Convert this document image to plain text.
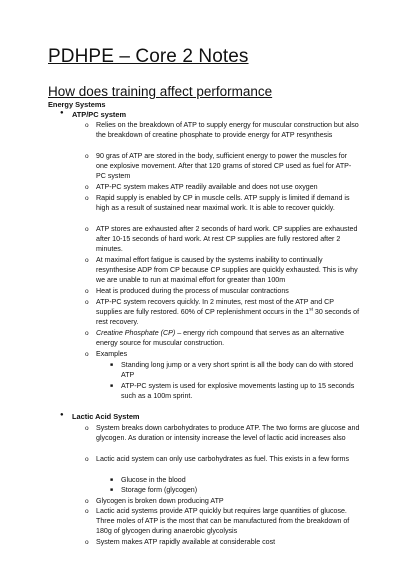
PDHPE – Core 2 Notes
How does training affect performance
Energy Systems
● ATP/PC system
o Relies on the breakdown of ATP to supply energy for muscular construction but also the breakdown of creatine phosphate to provide energy for ATP resynthesis
o 90 gras of ATP are stored in the body, sufficient energy to power the muscles for one explosive movement. After that 120 grams of stored CP used as fuel for ATP-PC system
o ATP-PC system makes ATP readily available and does not use oxygen
o Rapid supply is enabled by CP in muscle cells. ATP supply is limited if demand is high as a result of sustained near maximal work. It is able to recover quickly.
o ATP stores are exhausted after 2 seconds of hard work. CP supplies are exhausted after 10-15 seconds of hard work. At rest CP supplies are fully restored after 2 minutes.
o At maximal effort fatigue is caused by the systems inability to continually resynthesise ADP from CP because CP supplies are quickly exhausted. This is why we are unable to run at maximal effort for greater than 100m
o Heat is produced during the process of muscular contractions
o ATP-PC system recovers quickly. In 2 minutes, rest most of the ATP and CP supplies are fully restored. 60% of CP replenishment occurs in the 1st 30 seconds of rest recovery.
o Creatine Phosphate (CP) – energy rich compound that serves as an alternative energy source for muscular construction.
o Examples
■ Standing long jump or a very short sprint is all the body can do with stored ATP
■ ATP-PC system is used for explosive movements lasting up to 15 seconds such as a 100m sprint.
● Lactic Acid System
o System breaks down carbohydrates to produce ATP. The two forms are glucose and glycogen. As duration or intensity increase the level of lactic acid increases also
o Lactic acid system can only use carbohydrates as fuel. This exists in a few forms
■ Glucose in the blood
■ Storage form (glycogen)
o Glycogen is broken down producing ATP
o Lactic acid systems provide ATP quickly but requires large quantities of glucose. Three moles of ATP is the most that can be manufactured from the breakdown of 180g of glycogen during anaerobic glycolysis
o System makes ATP rapidly available at considerable cost
